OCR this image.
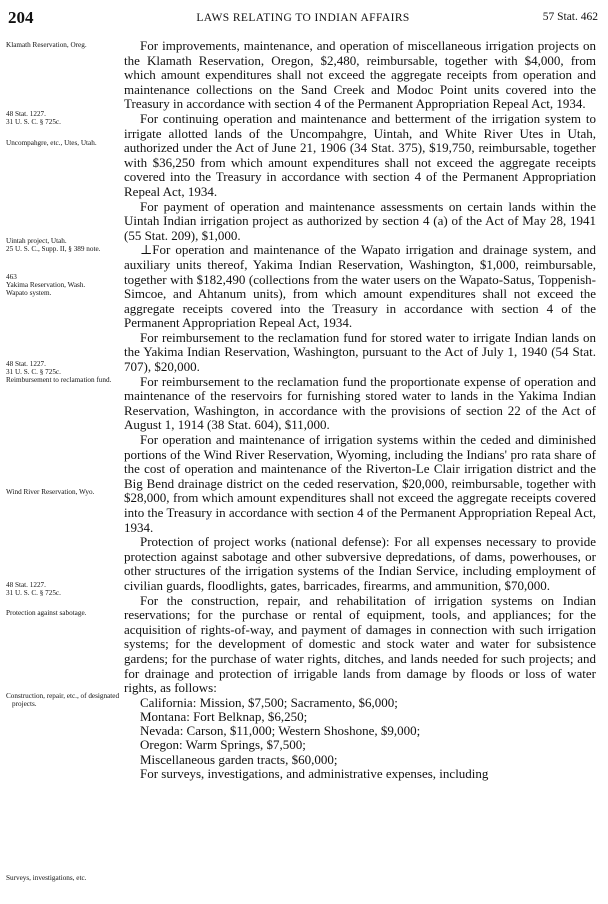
204	LAWS RELATING TO INDIAN AFFAIRS	57 Stat. 462
Klamath Reservation, Oreg.
48 Stat. 1227.
31 U. S. C. § 725c.
Uncompahgre, etc., Utes, Utah.
Uintah project, Utah.
25 U. S. C., Supp. II, § 389 note.
463
Yakima Reservation, Wash.
Wapato system.
48 Stat. 1227.
31 U. S. C. § 725c.
Reimbursement to reclamation fund.
Wind River Reservation, Wyo.
48 Stat. 1227.
31 U. S. C. § 725c.
Protection against sabotage.
Construction, repair, etc., of designated projects.
Surveys, investigations, etc.

For improvements, maintenance, and operation of miscellaneous irrigation projects on the Klamath Reservation, Oregon, $2,480, reimbursable, together with $4,000, from which amount expenditures shall not exceed the aggregate receipts from operation and maintenance collections on the Sand Creek and Modoc Point units covered into the Treasury in accordance with section 4 of the Permanent Appropriation Repeal Act, 1934.

For continuing operation and maintenance and betterment of the irrigation system to irrigate allotted lands of the Uncompahgre, Uintah, and White River Utes in Utah, authorized under the Act of June 21, 1906 (34 Stat. 375), $19,750, reimbursable, together with $36,250 from which amount expenditures shall not exceed the aggregate receipts covered into the Treasury in accordance with section 4 of the Permanent Appropriation Repeal Act, 1934.

For payment of operation and maintenance assessments on certain lands within the Uintah Indian irrigation project as authorized by section 4 (a) of the Act of May 28, 1941 (55 Stat. 209), $1,000.

⊥For operation and maintenance of the Wapato irrigation and drainage system, and auxiliary units thereof, Yakima Indian Reservation, Washington, $1,000, reimbursable, together with $182,490 (collections from the water users on the Wapato-Satus, Toppenish-Simcoe, and Ahtanum units), from which amount expenditures shall not exceed the aggregate receipts covered into the Treasury in accordance with section 4 of the Permanent Appropriation Repeal Act, 1934.

For reimbursement to the reclamation fund for stored water to irrigate Indian lands on the Yakima Indian Reservation, Washington, pursuant to the Act of July 1, 1940 (54 Stat. 707), $20,000.

For reimbursement to the reclamation fund the proportionate expense of operation and maintenance of the reservoirs for furnishing stored water to lands in the Yakima Indian Reservation, Washington, in accordance with the provisions of section 22 of the Act of August 1, 1914 (38 Stat. 604), $11,000.

For operation and maintenance of irrigation systems within the ceded and diminished portions of the Wind River Reservation, Wyoming, including the Indians' pro rata share of the cost of operation and maintenance of the Riverton-Le Clair irrigation district and the Big Bend drainage district on the ceded reservation, $20,000, reimbursable, together with $28,000, from which amount expenditures shall not exceed the aggregate receipts covered into the Treasury in accordance with section 4 of the Permanent Appropriation Repeal Act, 1934.

Protection of project works (national defense): For all expenses necessary to provide protection against sabotage and other subversive depredations, of dams, powerhouses, or other structures of the irrigation systems of the Indian Service, including employment of civilian guards, floodlights, gates, barricades, firearms, and ammunition, $70,000.

For the construction, repair, and rehabilitation of irrigation systems on Indian reservations; for the purchase or rental of equipment, tools, and appliances; for the acquisition of rights-of-way, and payment of damages in connection with such irrigation systems; for the development of domestic and stock water and water for subsistence gardens; for the purchase of water rights, ditches, and lands needed for such projects; and for drainage and protection of irrigable lands from damage by floods or loss of water rights, as follows:

California: Mission, $7,500; Sacramento, $6,000;
Montana: Fort Belknap, $6,250;
Nevada: Carson, $11,000; Western Shoshone, $9,000;
Oregon: Warm Springs, $7,500;
Miscellaneous garden tracts, $60,000;

For surveys, investigations, and administrative expenses, including
